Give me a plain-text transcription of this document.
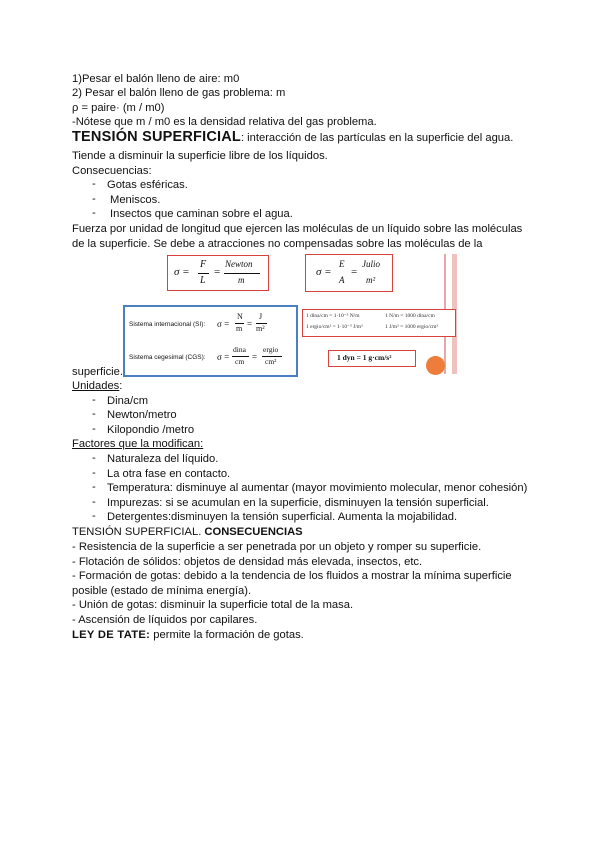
1)Pesar el balón lleno de aire: m0
2) Pesar el balón lleno de gas problema: m
ρ = paire· (m / m0)
-Nótese que m / m0 es la densidad relativa del gas problema.
TENSIÓN SUPERFICIAL: interacción de las partículas en la superficie del agua.
Tiende a disminuir la superficie libre de los líquidos.
Consecuencias:
- Gotas esféricas.
- Meniscos.
- Insectos que caminan sobre el agua.
Fuerza por unidad de longitud que ejercen las moléculas de un líquido sobre las moléculas
de la superficie. Se debe a atracciones no compensadas sobre las moléculas de la
σ =
F
L
=
Newton
m
σ =
E
A
=
Julio
m²
Sistema internacional (SI): σ =
N
m =
J
m²
Sistema cegesimal (CGS): σ =
dina
cm =
ergio
cm²
1 dina/cm = 1·10⁻³ N/m	1 N/m = 1000 dina/cm
1 ergio/cm² = 1·10⁻³ J/m²	1 J/m² = 1000 ergio/cm²
1 dyn = 1 g·cm/s²
superficie.
Unidades:
- Dina/cm
- Newton/metro
- Kilopondio /metro
Factores que la modifican:
- Naturaleza del líquido.
- La otra fase en contacto.
- Temperatura: disminuye al aumentar (mayor movimiento molecular, menor cohesión)
- Impurezas: si se acumulan en la superficie, disminuyen la tensión superficial.
- Detergentes:disminuyen la tensión superficial. Aumenta la mojabilidad.
TENSIÓN SUPERFICIAL. CONSECUENCIAS
- Resistencia de la superficie a ser penetrada por un objeto y romper su superficie.
- Flotación de sólidos: objetos de densidad más elevada, insectos, etc.
- Formación de gotas: debido a la tendencia de los fluidos a mostrar la mínima superficie
posible (estado de mínima energía).
- Unión de gotas: disminuir la superficie total de la masa.
- Ascensión de líquidos por capilares.
LEY DE TATE: permite la formación de gotas.
